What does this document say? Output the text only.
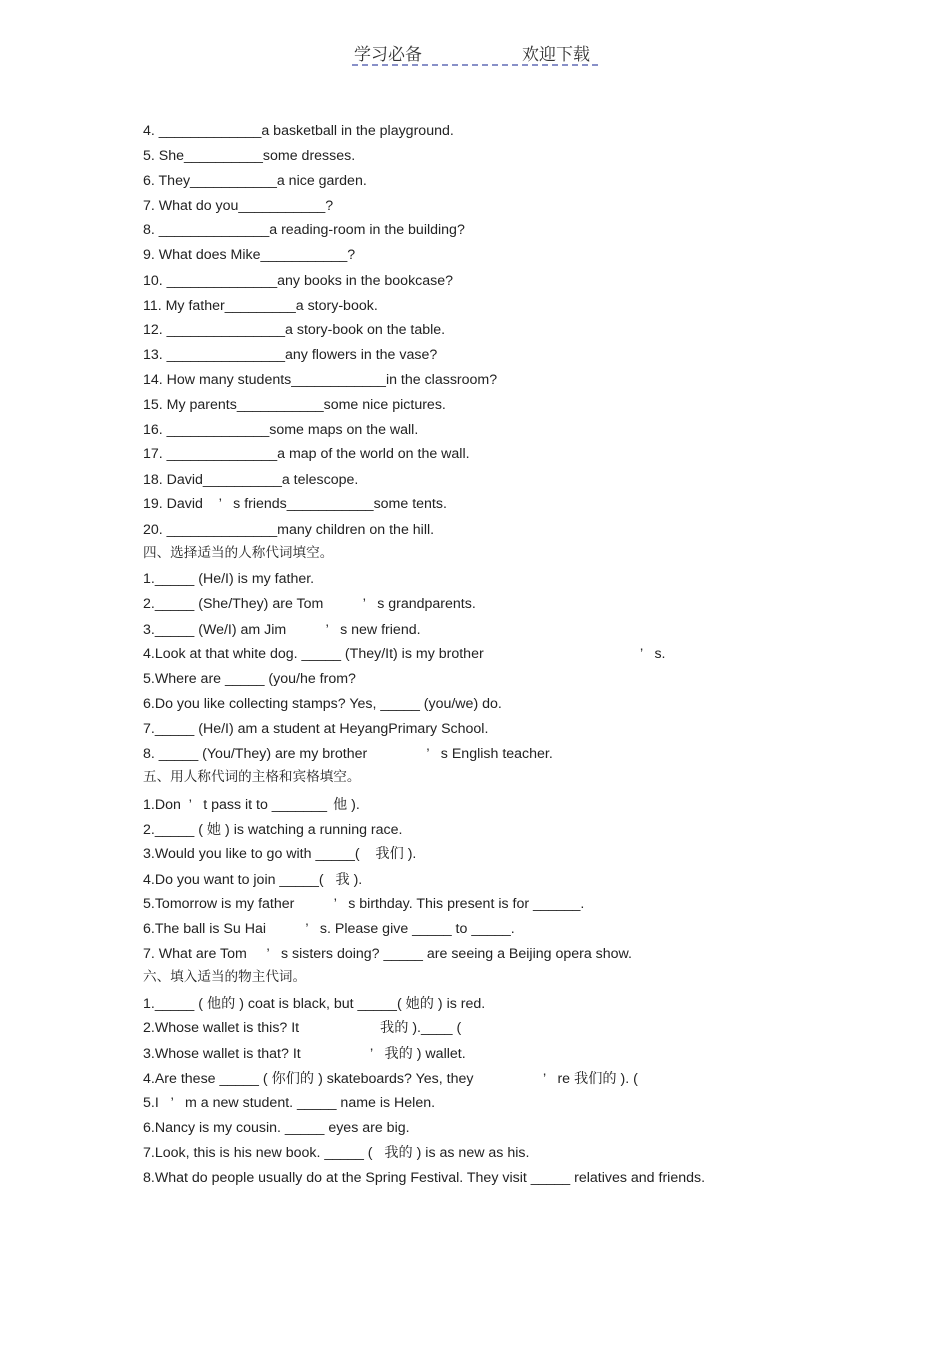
学习必备	欢迎下载
4. _____________a basketball in the playground.
5. She__________some dresses.
6. They___________a nice garden.
7. What do you___________?
8. ______________a reading-room in the building?
9. What does Mike___________?
10. ______________any books in the bookcase?
11. My father_________a story-book.
12. _______________a story-book on the table.
13. _______________any flowers in the vase?
14. How many students____________in the classroom?
15. My parents___________some nice pictures.
16. _____________some maps on the wall.
17. ______________a map of the world on the wall.
18. David__________a telescope.
19. David    ’   s friends___________some tents.
20. ______________many children on the hill.
四、选择适当的人称代词填空。
1._____ (He/I) is my father.
2._____ (She/They) are Tom          ’   s grandparents.
3._____ (We/I) am Jim          ’   s new friend.
4.Look at that white dog. _____ (They/It) is my brother	’   s.
5.Where are _____ (you/he from?
6.Do you like collecting stamps? Yes, _____ (you/we) do.
7._____ (He/I) am a student at HeyangPrimary School.
8. _____ (You/They) are my brother               ’   s English teacher.
五、用人称代词的主格和宾格填空。
1.Don  ’   t pass it to _______ 他 ).
2._____ ( 她 ) is watching a running race.
3.Would you like to go with _____(    我们 ).
4.Do you want to join _____(   我 ).
5.Tomorrow is my father          ’   s birthday. This present is for ______.
6.The ball is Su Hai          ’   s. Please give _____ to _____.
7. What are Tom     ’   s sisters doing? _____ are seeing a Beijing opera show.
六、填入适当的物主代词。
1._____ ( 他的 ) coat is black, but _____( 她的 ) is red.
2.Whose wallet is this? It	我的 ).____ (
3.Whose wallet is that? It	’   我的 ) wallet.
4.Are these _____ ( 你们的 ) skateboards? Yes, they	’   re 我们的 ). (
5.I   ’   m a new student. _____ name is Helen.
6.Nancy is my cousin. _____ eyes are big.
7.Look, this is his new book. _____ (   我的 ) is as new as his.
8.What do people usually do at the Spring Festival. They visit _____ relatives and friends.
